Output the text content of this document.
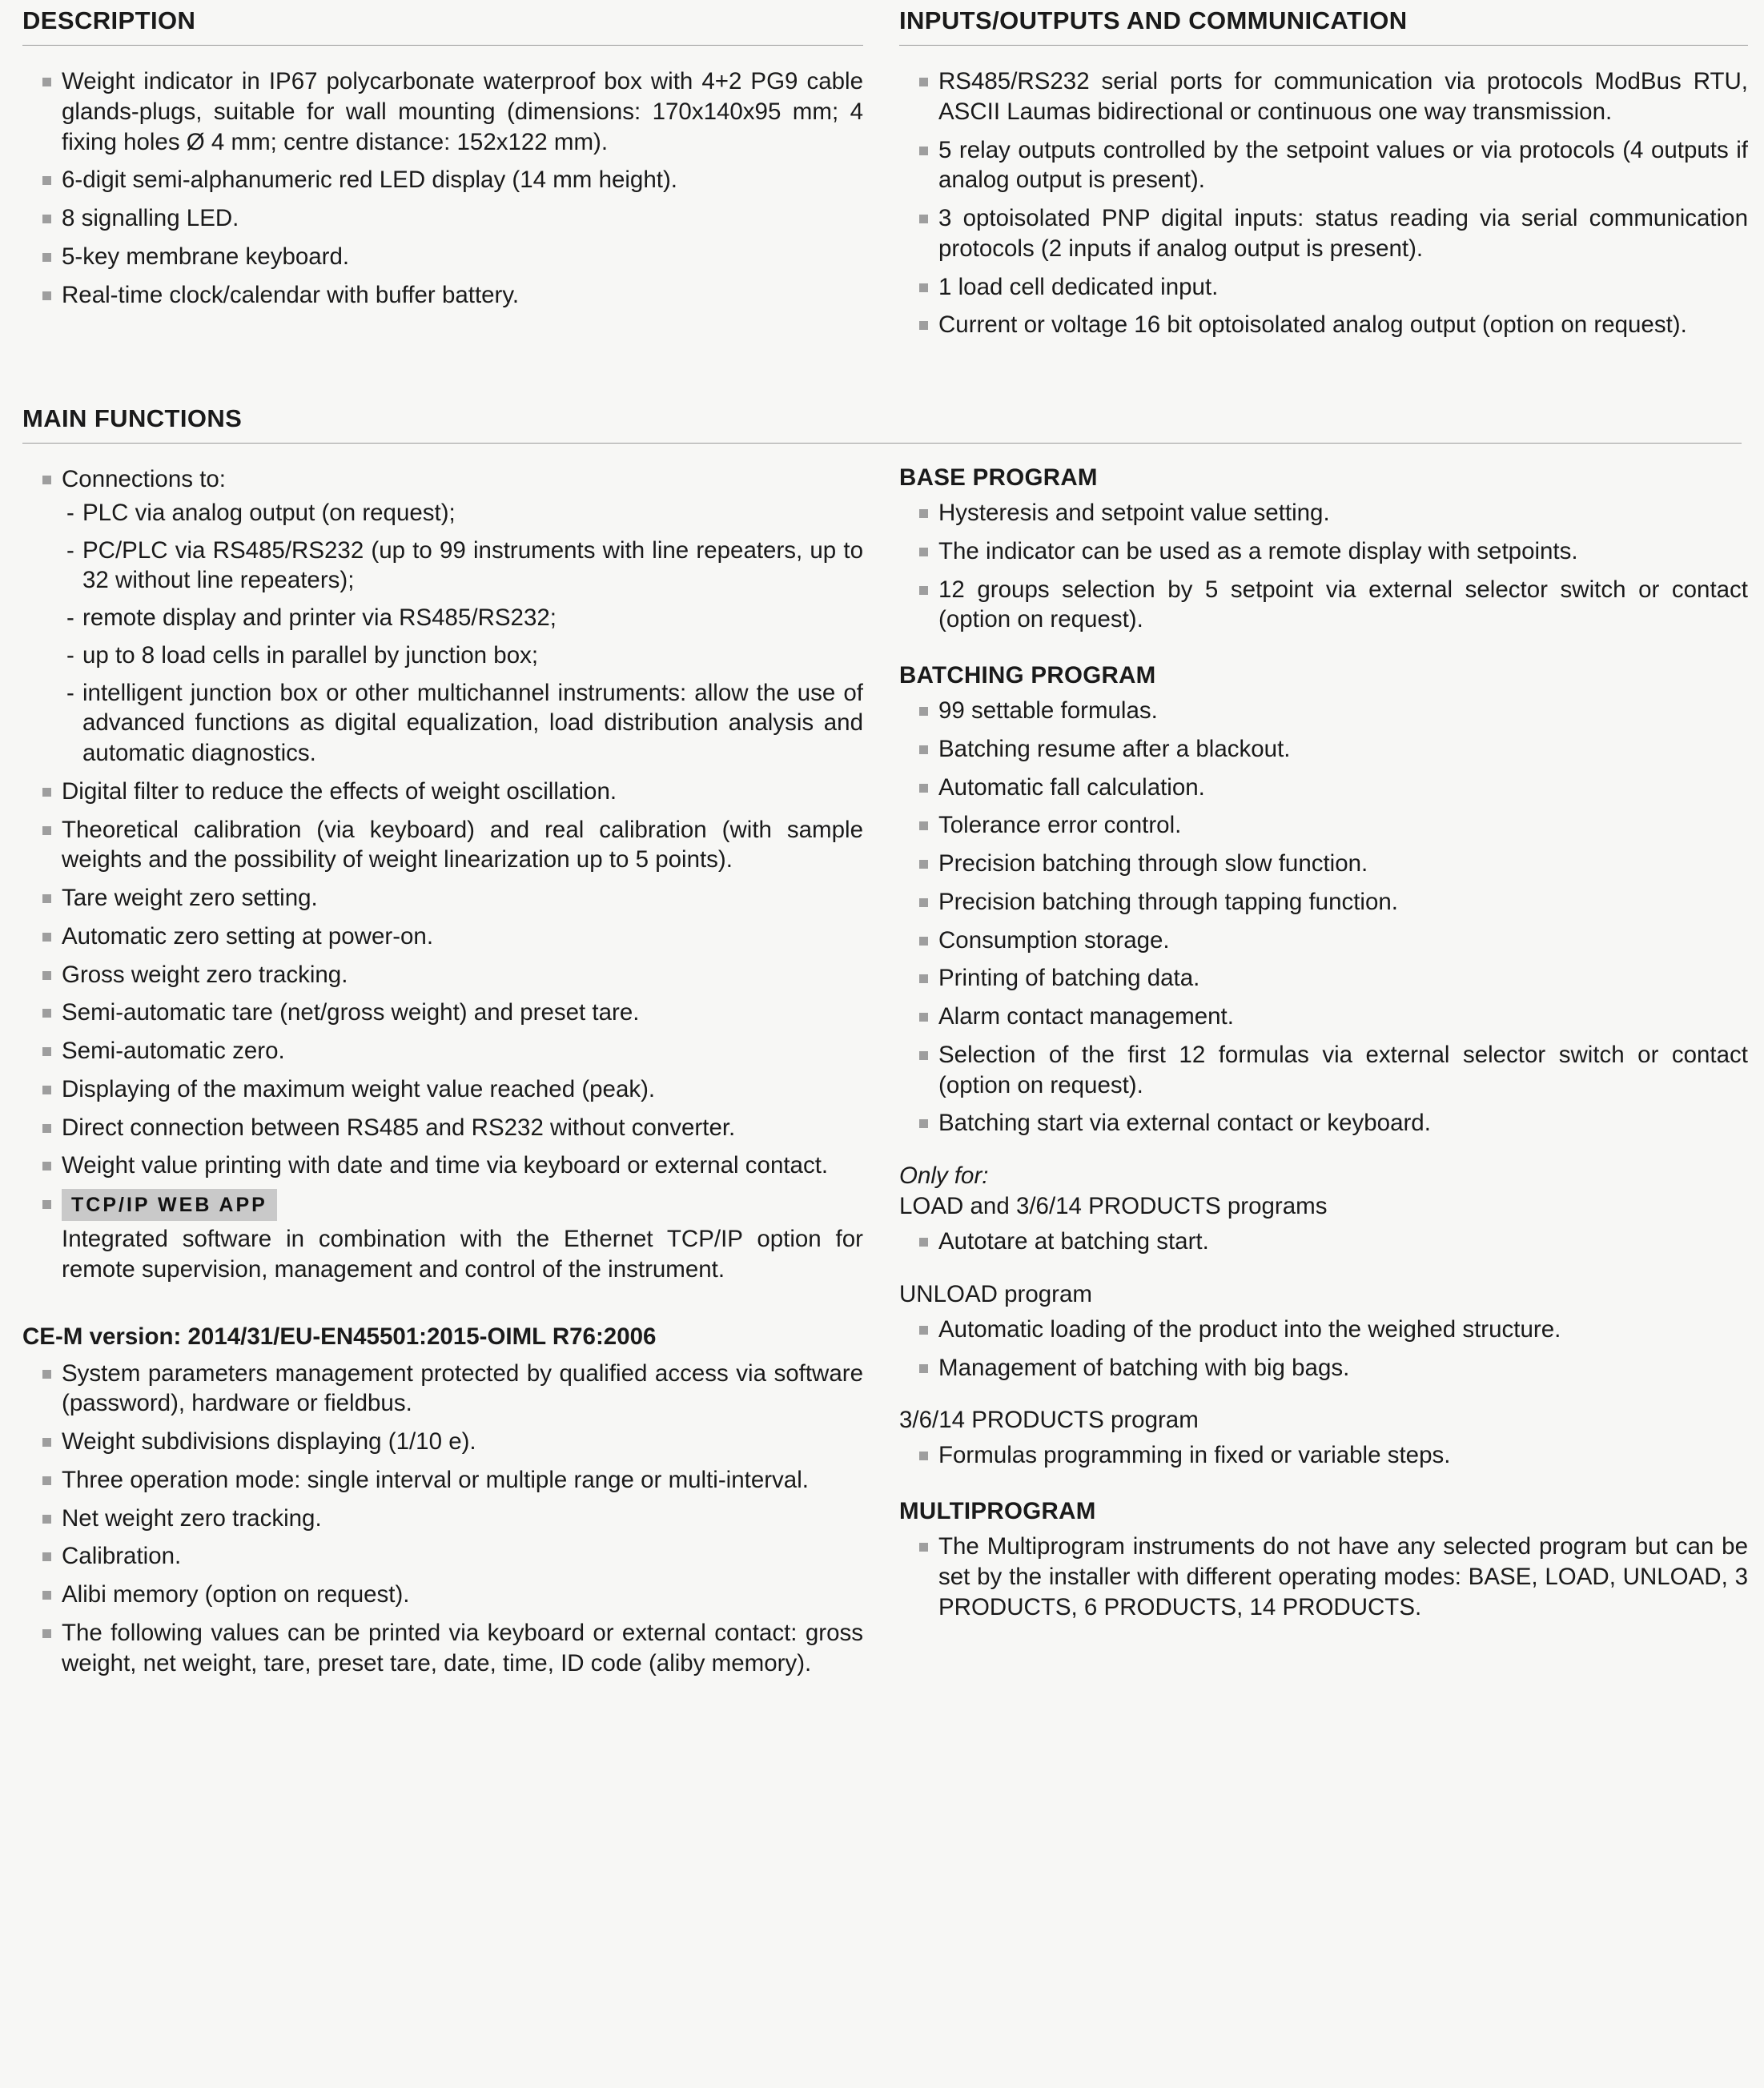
DESCRIPTION
Weight indicator in IP67 polycarbonate waterproof box with 4+2 PG9 cable glands-plugs, suitable for wall mounting (dimensions: 170x140x95 mm; 4 fixing holes Ø 4 mm; centre distance: 152x122 mm).
6-digit semi-alphanumeric red LED display (14 mm height).
8 signalling LED.
5-key membrane keyboard.
Real-time clock/calendar with buffer battery.
INPUTS/OUTPUTS AND COMMUNICATION
RS485/RS232 serial ports for communication via protocols ModBus RTU, ASCII Laumas bidirectional or continuous one way transmission.
5 relay outputs controlled by the setpoint values or via protocols (4 outputs if analog output is present).
3 optoisolated PNP digital inputs: status reading via serial communication protocols (2 inputs if analog output is present).
1 load cell dedicated input.
Current or voltage 16 bit optoisolated analog output (option on request).
MAIN FUNCTIONS
Connections to:
- PLC via analog output (on request);
- PC/PLC via RS485/RS232 (up to 99 instruments with line repeaters, up to 32 without line repeaters);
- remote display and printer via RS485/RS232;
- up to 8 load cells in parallel by junction box;
- intelligent junction box or other multichannel instruments: allow the use of advanced functions as digital equalization, load distribution analysis and automatic diagnostics.
Digital filter to reduce the effects of weight oscillation.
Theoretical calibration (via keyboard) and real calibration (with sample weights and the possibility of weight linearization up to 5 points).
Tare weight zero setting.
Automatic zero setting at power-on.
Gross weight zero tracking.
Semi-automatic tare (net/gross weight) and preset tare.
Semi-automatic zero.
Displaying of the maximum weight value reached (peak).
Direct connection between RS485 and RS232 without converter.
Weight value printing with date and time via keyboard or external contact.
TCP/IP WEB APP
Integrated software in combination with the Ethernet TCP/IP option for remote supervision, management and control of the instrument.
CE-M version: 2014/31/EU-EN45501:2015-OIML R76:2006
System parameters management protected by qualified access via software (password), hardware or fieldbus.
Weight subdivisions displaying (1/10 e).
Three operation mode: single interval or multiple range or multi-interval.
Net weight zero tracking.
Calibration.
Alibi memory (option on request).
The following values can be printed via keyboard or external contact: gross weight, net weight, tare, preset tare, date, time, ID code (aliby memory).
BASE PROGRAM
Hysteresis and setpoint value setting.
The indicator can be used as a remote display with setpoints.
12 groups selection by 5 setpoint via external selector switch or contact (option on request).
BATCHING PROGRAM
99 settable formulas.
Batching resume after a blackout.
Automatic fall calculation.
Tolerance error control.
Precision batching through slow function.
Precision batching through tapping function.
Consumption storage.
Printing of batching data.
Alarm contact management.
Selection of the first 12 formulas via external selector switch or contact (option on request).
Batching start via external contact or keyboard.
Only for:
LOAD and 3/6/14 PRODUCTS programs
Autotare at batching start.
UNLOAD program
Automatic loading of the product into the weighed structure.
Management of batching with big bags.
3/6/14 PRODUCTS program
Formulas programming in fixed or variable steps.
MULTIPROGRAM
The Multiprogram instruments do not have any selected program but can be set by the installer with different operating modes: BASE, LOAD, UNLOAD, 3 PRODUCTS, 6 PRODUCTS, 14 PRODUCTS.
